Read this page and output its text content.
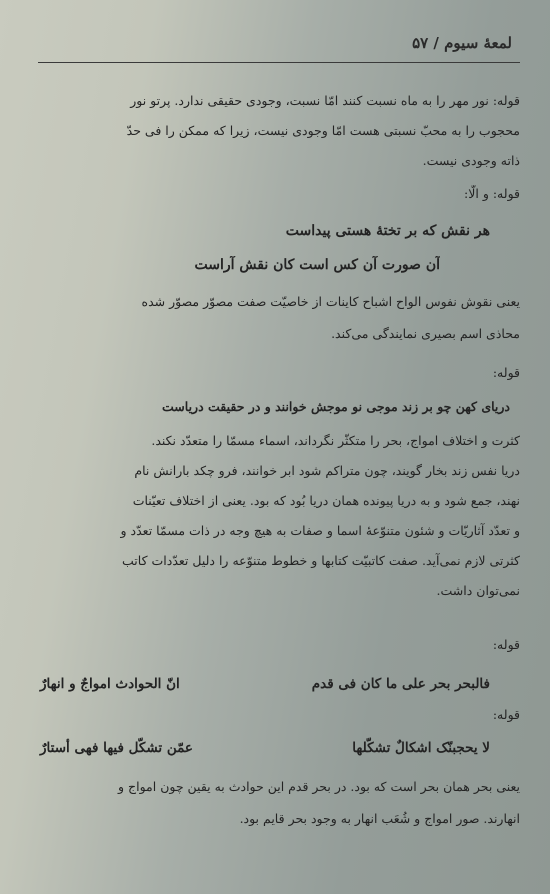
لمعهٔ سیوم / ۵۷
قوله: نور مهر را به ماه نسبت کنند امّا نسبت، وجودی حقیقی ندارد. پرتو نور
محجوب را به محبّ نسبتی هست امّا وجودی نیست، زیرا که ممکن را فی حدّ
ذاته وجودی نیست.
قوله: و الّا:
هر نقش که بر تختهٔ هستی پیداست
آن صورت آن کس است کان نقش آراست
یعنی نقوش نفوس الواح اشباح کاینات از خاصیّت صفت مصوّر مصوّر شده
محاذی اسم بصیری نمایندگی می‌کند.
قوله:
دریای کهن چو بر زند موجی نو موجش خوانند و در حقیقت دریاست
کثرت و اختلاف امواج، بحر را متکثّر نگرداند، اسماء مسمّا را متعدّد نکند.
دریا نفس زند بخار گویند، چون متراکم شود ابر خوانند، فرو چکد بارانش نام
نهند، جمع شود و به دریا پیونده همان دریا بُود که بود. یعنی از اختلاف تعیّنات
و تعدّد آثاریّات و شئون متنوّعهٔ اسما و صفات به هیچ وجه در ذات مسمّا تعدّد و
کثرتی لازم نمی‌آید. صفت کاتبیّت کتابها و خطوط متنوّعه را دلیل تعدّدات کاتب
نمی‌توان داشت.
قوله:
فالبحر بحر علی ما کان فی قدم
انّ الحوادث امواجٌ و انهارٌ
قوله:
لا یحجبنّک اشکالٌ تشکّلها
عمّن تشکّل فیها فهی أستارٌ
یعنی بحر همان بحر است که بود. در بحر قدم این حوادث به یقین چون امواج و
انهارند. صور امواج و شُعَب انهار به وجود بحر قایم بود.
